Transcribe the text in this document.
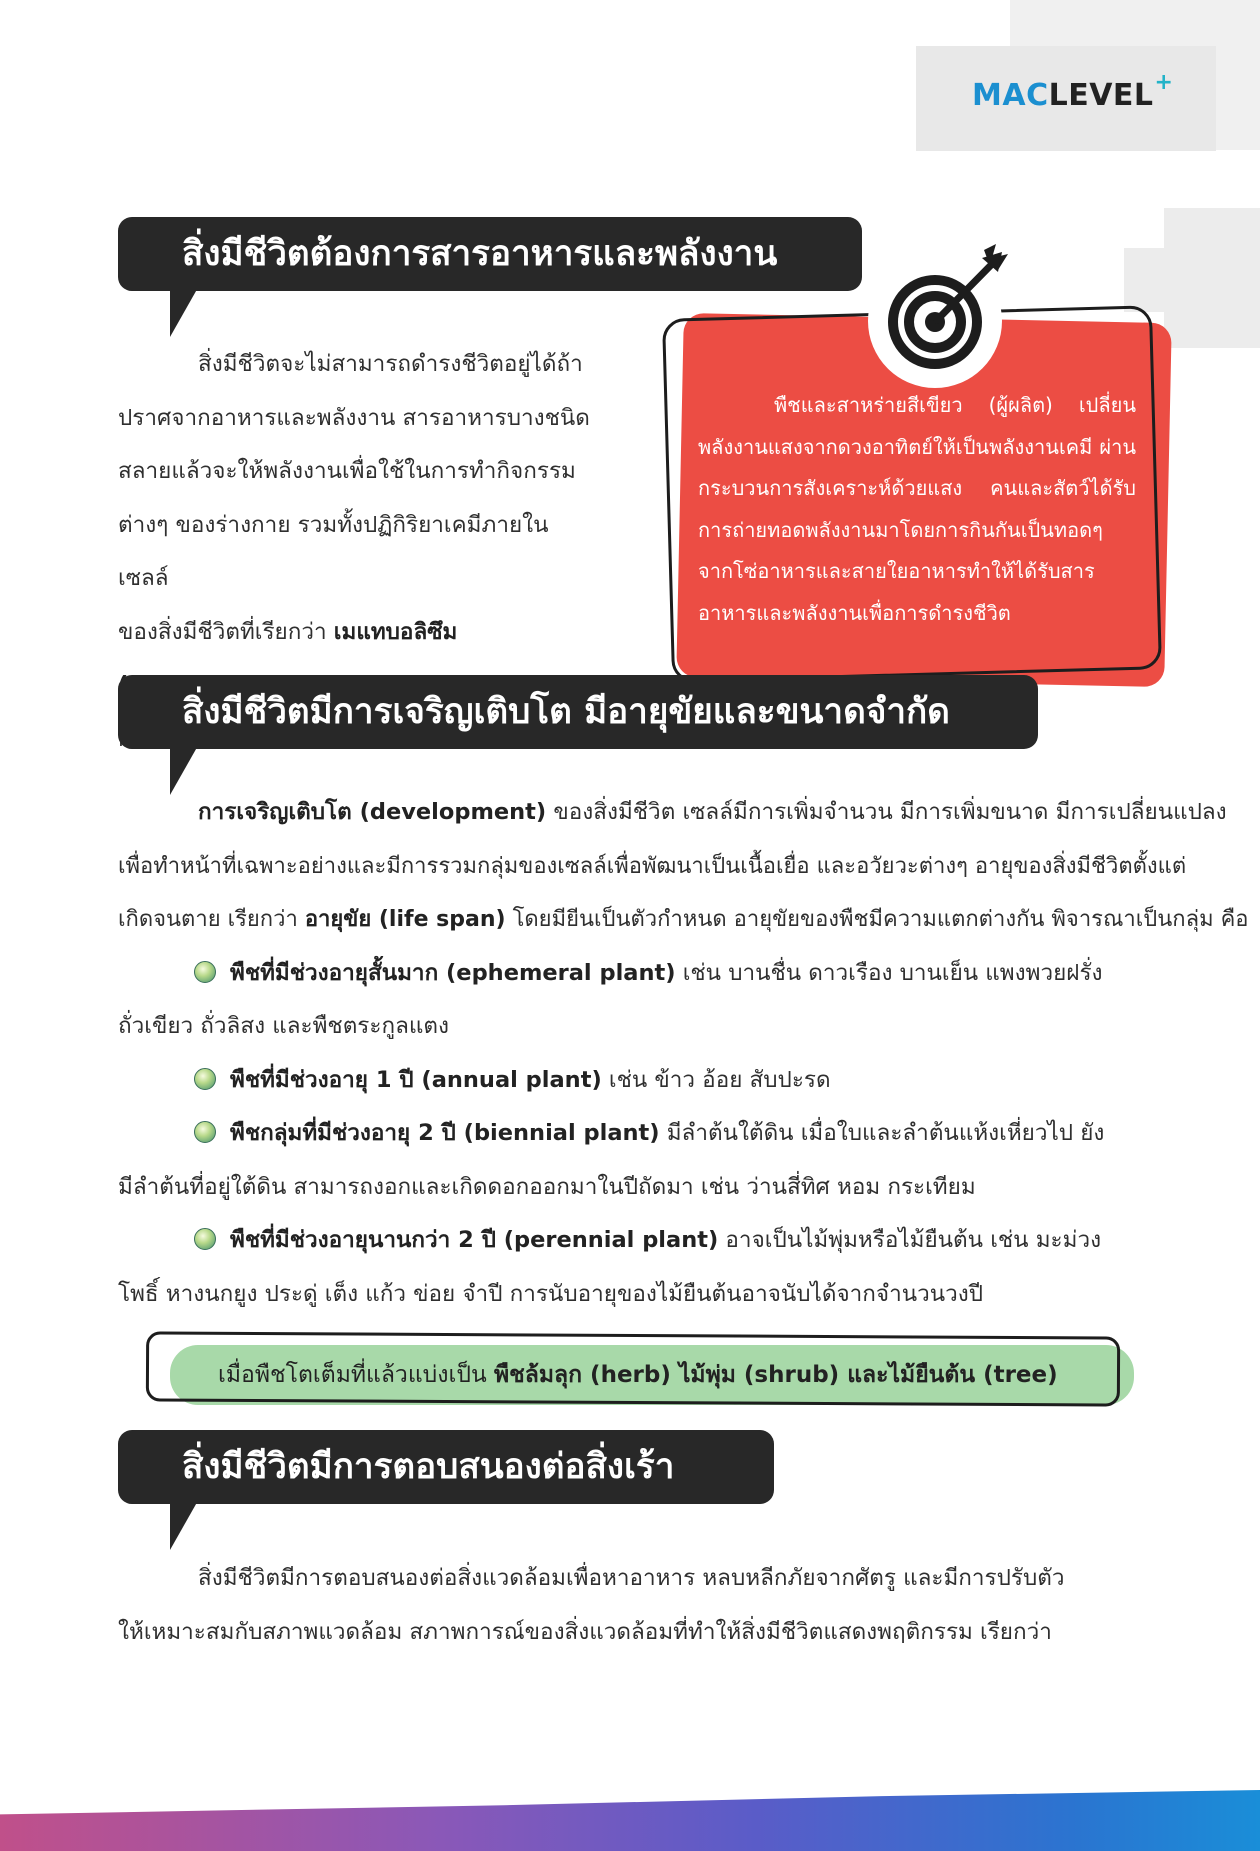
MACLEVEL+
สิ่งมีชีวิตต้องการสารอาหารและพลังงาน
สิ่งมีชีวิตจะไม่สามารถดำรงชีวิตอยู่ได้ถ้า
ปราศจากอาหารและพลังงาน สารอาหารบางชนิด
สลายแล้วจะให้พลังงานเพื่อใช้ในการทำกิจกรรม
ต่างๆ ของร่างกาย รวมทั้งปฏิกิริยาเคมีภายในเซลล์
ของสิ่งมีชีวิตที่เรียกว่า เมแทบอลิซึม
พืชและสาหร่ายสีเขียว (ผู้ผลิต) เปลี่ยนพลังงานแสงจากดวงอาทิตย์ให้เป็นพลังงานเคมี ผ่านกระบวนการสังเคราะห์ด้วยแสง คนและสัตว์ได้รับการถ่ายทอดพลังงานมาโดยการกินกันเป็นทอดๆ จากโซ่อาหารและสายใยอาหารทำให้ได้รับสารอาหารและพลังงานเพื่อการดำรงชีวิต
สิ่งมีชีวิตมีการเจริญเติบโต มีอายุขัยและขนาดจำกัด
การเจริญเติบโต (development) ของสิ่งมีชีวิต เซลล์มีการเพิ่มจำนวน มีการเพิ่มขนาด มีการเปลี่ยนแปลง
เพื่อทำหน้าที่เฉพาะอย่างและมีการรวมกลุ่มของเซลล์เพื่อพัฒนาเป็นเนื้อเยื่อ และอวัยวะต่างๆ อายุของสิ่งมีชีวิตตั้งแต่
เกิดจนตาย เรียกว่า อายุขัย (life span) โดยมียีนเป็นตัวกำหนด อายุขัยของพืชมีความแตกต่างกัน พิจารณาเป็นกลุ่ม คือ
พืชที่มีช่วงอายุสั้นมาก (ephemeral plant) เช่น บานชื่น ดาวเรือง บานเย็น แพงพวยฝรั่ง
ถั่วเขียว ถั่วลิสง และพืชตระกูลแตง
พืชที่มีช่วงอายุ 1 ปี (annual plant) เช่น ข้าว อ้อย สับปะรด
พืชกลุ่มที่มีช่วงอายุ 2 ปี (biennial plant) มีลำต้นใต้ดิน เมื่อใบและลำต้นแห้งเหี่ยวไป ยัง
มีลำต้นที่อยู่ใต้ดิน สามารถงอกและเกิดดอกออกมาในปีถัดมา เช่น ว่านสี่ทิศ หอม กระเทียม
พืชที่มีช่วงอายุนานกว่า 2 ปี (perennial plant) อาจเป็นไม้พุ่มหรือไม้ยืนต้น เช่น มะม่วง
โพธิ์ หางนกยูง ประดู่ เต็ง แก้ว ข่อย จำปี การนับอายุของไม้ยืนต้นอาจนับได้จากจำนวนวงปี
เมื่อพืชโตเต็มที่แล้วแบ่งเป็น พืชล้มลุก (herb) ไม้พุ่ม (shrub) และไม้ยืนต้น (tree)
สิ่งมีชีวิตมีการตอบสนองต่อสิ่งเร้า
สิ่งมีชีวิตมีการตอบสนองต่อสิ่งแวดล้อมเพื่อหาอาหาร หลบหลีกภัยจากศัตรู และมีการปรับตัว
ให้เหมาะสมกับสภาพแวดล้อม สภาพการณ์ของสิ่งแวดล้อมที่ทำให้สิ่งมีชีวิตแสดงพฤติกรรม เรียกว่า
